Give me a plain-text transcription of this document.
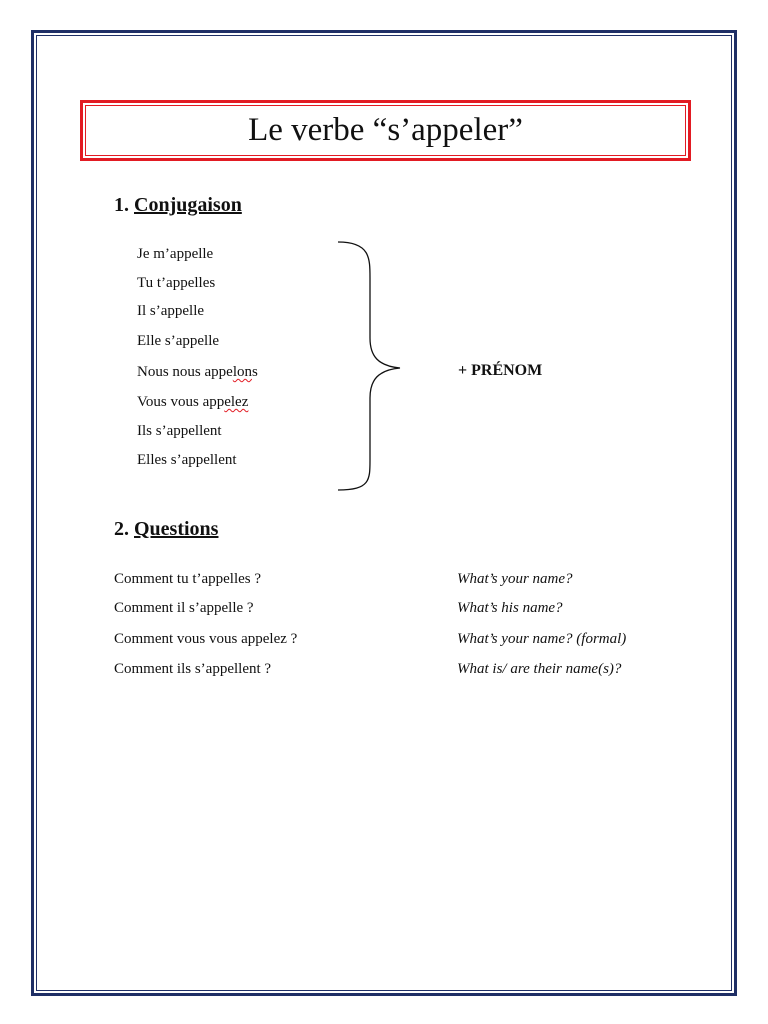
Le verbe “s’appeler”
1. Conjugaison
Je m’appelle
Tu t’appelles
Il s’appelle
Elle s’appelle
Nous nous appelons
Vous vous appelez
Ils s’appellent
Elles s’appellent
+ PRÉNOM
2. Questions
Comment tu t’appelles ?	What’s your name?
Comment il s’appelle ?	What’s his name?
Comment vous vous appelez ?	What’s your name? (formal)
Comment ils s’appellent ?	What is/ are their name(s)?
